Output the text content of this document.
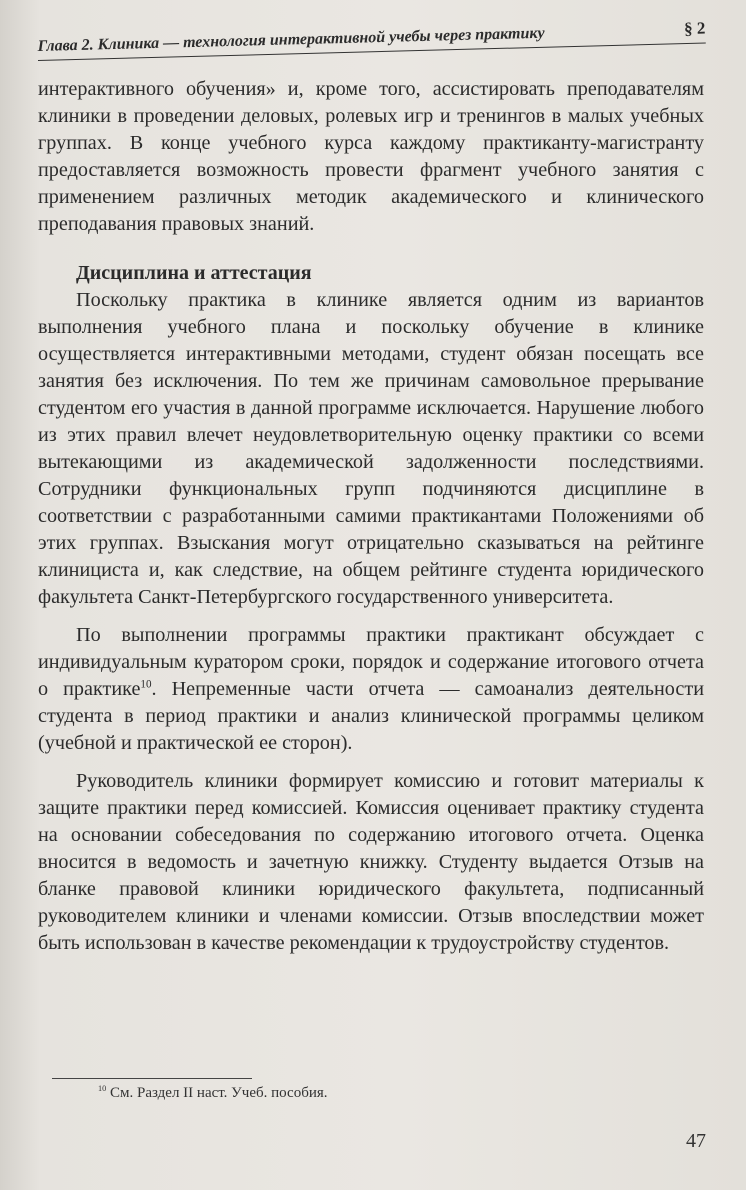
Глава 2. Клиника — технология интерактивной учебы через практику	§ 2

интерактивного обучения» и, кроме того, ассистировать преподавателям клиники в проведении деловых, ролевых игр и тренингов в малых учебных группах. В конце учебного курса каждому практиканту-магистранту предоставляется возможность провести фрагмент учебного занятия с применением различных методик академического и клинического преподавания правовых знаний.

Дисциплина и аттестация

Поскольку практика в клинике является одним из вариантов выполнения учебного плана и поскольку обучение в клинике осуществляется интерактивными методами, студент обязан посещать все занятия без исключения. По тем же причинам самовольное прерывание студентом его участия в данной программе исключается. Нарушение любого из этих правил влечет неудовлетворительную оценку практики со всеми вытекающими из академической задолженности последствиями. Сотрудники функциональных групп подчиняются дисциплине в соответствии с разработанными самими практикантами Положениями об этих группах. Взыскания могут отрицательно сказываться на рейтинге клинициста и, как следствие, на общем рейтинге студента юридического факультета Санкт-Петербургского государственного университета.

По выполнении программы практики практикант обсуждает с индивидуальным куратором сроки, порядок и содержание итогового отчета о практике$^{10}$. Непременные части отчета — самоанализ деятельности студента в период практики и анализ клинической программы целиком (учебной и практической ее сторон).

Руководитель клиники формирует комиссию и готовит материалы к защите практики перед комиссией. Комиссия оценивает практику студента на основании собеседования по содержанию итогового отчета. Оценка вносится в ведомость и зачетную книжку. Студенту выдается Отзыв на бланке правовой клиники юридического факультета, подписанный руководителем клиники и членами комиссии. Отзыв впоследствии может быть использован в качестве рекомендации к трудоустройству студентов.

$^{10}$ См. Раздел II наст. Учеб. пособия.
47
